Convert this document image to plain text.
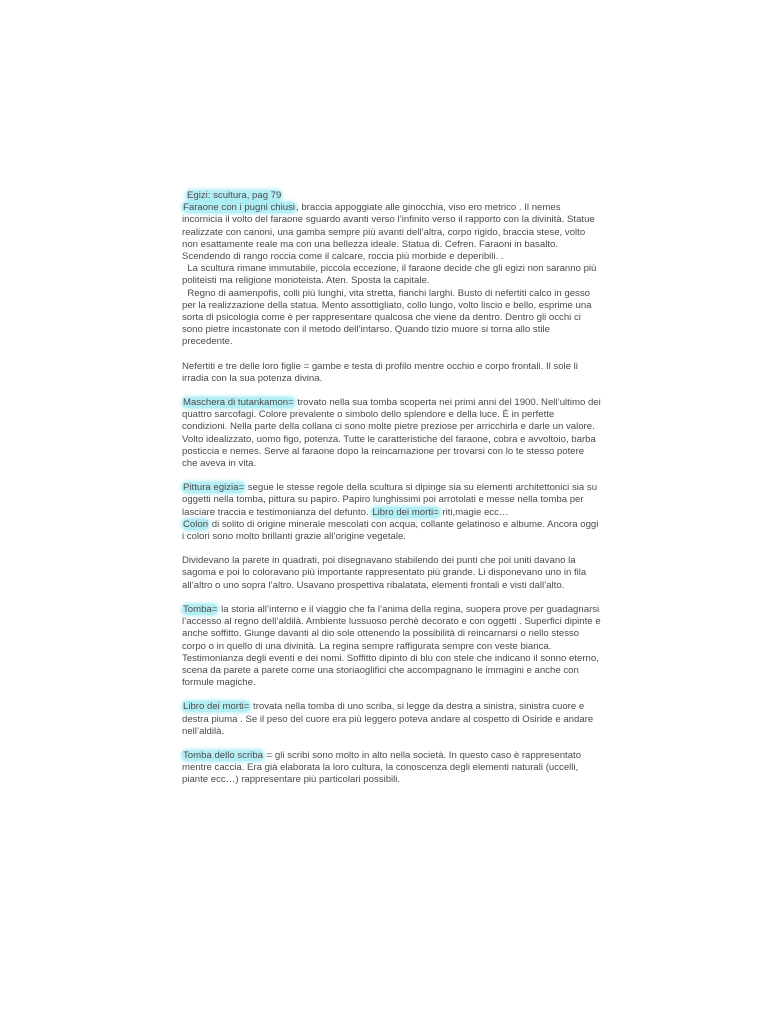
Egizi: scultura, pag 79
Faraone con i pugni chiusi, braccia appoggiate alle ginocchia, viso ero metrico . Il nemes incornicia il volto del faraone sguardo avanti verso l’infinito verso il rapporto con la divinità. Statue realizzate con canoni, una gamba sempre più avanti dell’altra, corpo rigido, braccia stese, volto non esattamente reale ma con una bellezza ideale. Statua di. Cefren. Faraoni in basalto.
Scendendo di rango roccia come il calcare, roccia più morbide e deperibili. .
La scultura rimane immutabile, piccola eccezione, il faraone decide che gli egizi non saranno più politeisti ma religione monoteista. Aten. Sposta la capitale.
Regno di aamenpofis, colli più lunghi, vita stretta, fianchi larghi. Busto di nefertiti calco in gesso per la realizzazione della statua. Mento assottigliato, collo lungo, volto liscio e bello, esprime una sorta di psicologia come è per rappresentare qualcosa che viene da dentro. Dentro gli occhi ci sono pietre incastonate con il metodo dell’intarso. Quando tizio muore si torna allo stile precedente.

Nefertiti e tre delle loro figlie = gambe e testa di profilo mentre occhio e corpo frontali. Il sole li irradia con la sua potenza divina.

Maschera di tutankamon= trovato nella sua tomba scoperta nei primi anni del 1900. Nell’ultimo dei quattro sarcofagi. Colore prevalente o simbolo dello splendore e della luce. È in perfette condizioni. Nella parte della collana ci sono molte pietre preziose per arricchirla e darle un valore. Volto idealizzato, uomo figo, potenza. Tutte le caratteristiche del faraone, cobra e avvoltoio, barba posticcia e nemes. Serve al faraone dopo la reincarnazione per trovarsi con lo te stesso potere che aveva in vita.

Pittura egizia= segue le stesse regole della scultura si dipinge sia su elementi architettonici sia su oggetti nella tomba, pittura su papiro. Papiro lunghissimi poi arrotolati e messe nella tomba per lasciare traccia e testimonianza del defunto. Libro dei morti= riti,magie ecc…
Colori di solito di origine minerale mescolati con acqua, collante gelatinoso e albume. Ancora oggi i colori sono molto brillanti grazie all’origine vegetale.

Dividevano la parete in quadrati, poi disegnavano stabilendo dei punti che poi uniti davano la sagoma e poi lo coloravano più importante rappresentato più grande. Li disponevano uno in fila all’altro o uno sopra l’altro. Usavano prospettiva ribalatata, elementi frontali e visti dall’alto.

Tomba= la storia all’interno e il viaggio che fa l’anima della regina, suopera prove per guadagnarsi l’accesso al regno dell’aldilà. Ambiente lussuoso perchè decorato e con oggetti . Superfici dipinte e anche soffitto. Giunge davanti al dio sole ottenendo la possibilità di reincarnarsi o nello stesso corpo o in quello di una divinità. La regina sempre raffigurata sempre con veste bianca. Testimonianza degli eventi e dei nomi. Soffitto dipinto di blu con stele che indicano il sonno eterno, scena da parete a parete come una storiaoglifici che accompagnano le immagini e anche con formule magiche.

Libro dei morti= trovata nella tomba di uno scriba, si legge da destra a sinistra, sinistra cuore e destra piuma . Se il peso del cuore era più leggero poteva andare al cospetto di Osiride e andare nell’aldilà.

Tomba dello scriba = gli scribi sono molto in alto nella società. In questo caso è rappresentato mentre caccia. Era già elaborata la loro cultura, la conoscenza degli elementi naturali (uccelli, piante ecc…) rappresentare più particolari possibili.
